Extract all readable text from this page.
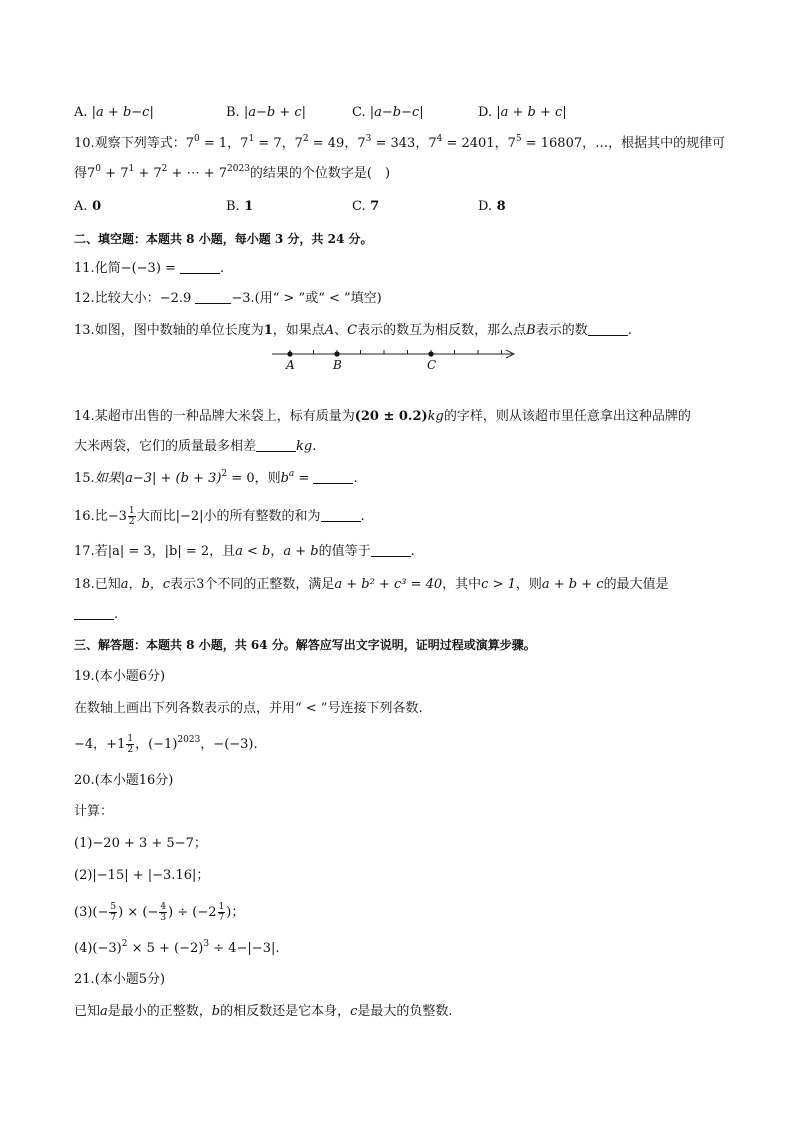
A. |a + b−c|	B. |a−b + c|	C. |a−b−c|	D. |a + b + c|
10.观察下列等式：$7^0 = 1$，$7^1 = 7$，$7^2 = 49$，$7^3 = 343$，$7^4 = 2401$，$7^5 = 16807$，…，根据其中的规律可
得$7^0 + 7^1 + 7^2$ + ⋯ + $7^{2023}$的结果的个位数字是(　)
A. 0	B. 1	C. 7	D. 8
二、填空题：本题共 8 小题，每小题 3 分，共 24 分。
11.化简−(−3) =	.
12.比较大小：−2.9	−3.(用“ > ”或“ < ”填空)
13.如图，图中数轴的单位长度为1，如果点A、C表示的数互为相反数，那么点B表示的数	.
A	B	C
14.某超市出售的一种品牌大米袋上，标有质量为(20 ± 0.2)kg的字样，则从该超市里任意拿出这种品牌的
大米两袋，它们的质量最多相差	kg.
15.如果$|a-3| + (b + 3)^2 = 0$，则$b^a$ =	.
16.比$-3 \frac{1}{2}$ 大而比|−2|小的所有整数的和为	.
17.若|a| = 3，|b| = 2，且a < b，a + b的值等于	.
18.已知a，b，c表示3个不同的正整数，满足a + b² + c³ = 40，其中c > 1，则a + b + c的最大值是
.
三、解答题：本题共 8 小题，共 64 分。解答应写出文字说明，证明过程或演算步骤。
19.(本小题6分)
在数轴上画出下列各数表示的点，并用“ < ”号连接下列各数.
−4，$+1 \frac{1}{2}$ ，$(-1)^{2023}$，−(−3).
20.(本小题16分)
计算：
(1)−20 + 3 + 5−7；
(2)|−15| + |−3.16|；
$(3)(- \frac{5}{7}$ ) × (− $\frac{4}{3}$ ) ÷ ($-2 \frac{1}{7}$ )；
$(4)(-3)^2 \times 5 + (-2)^3 \div 4-|-3|$.
21.(本小题5分)
已知a是最小的正整数，b的相反数还是它本身，c是最大的负整数.
